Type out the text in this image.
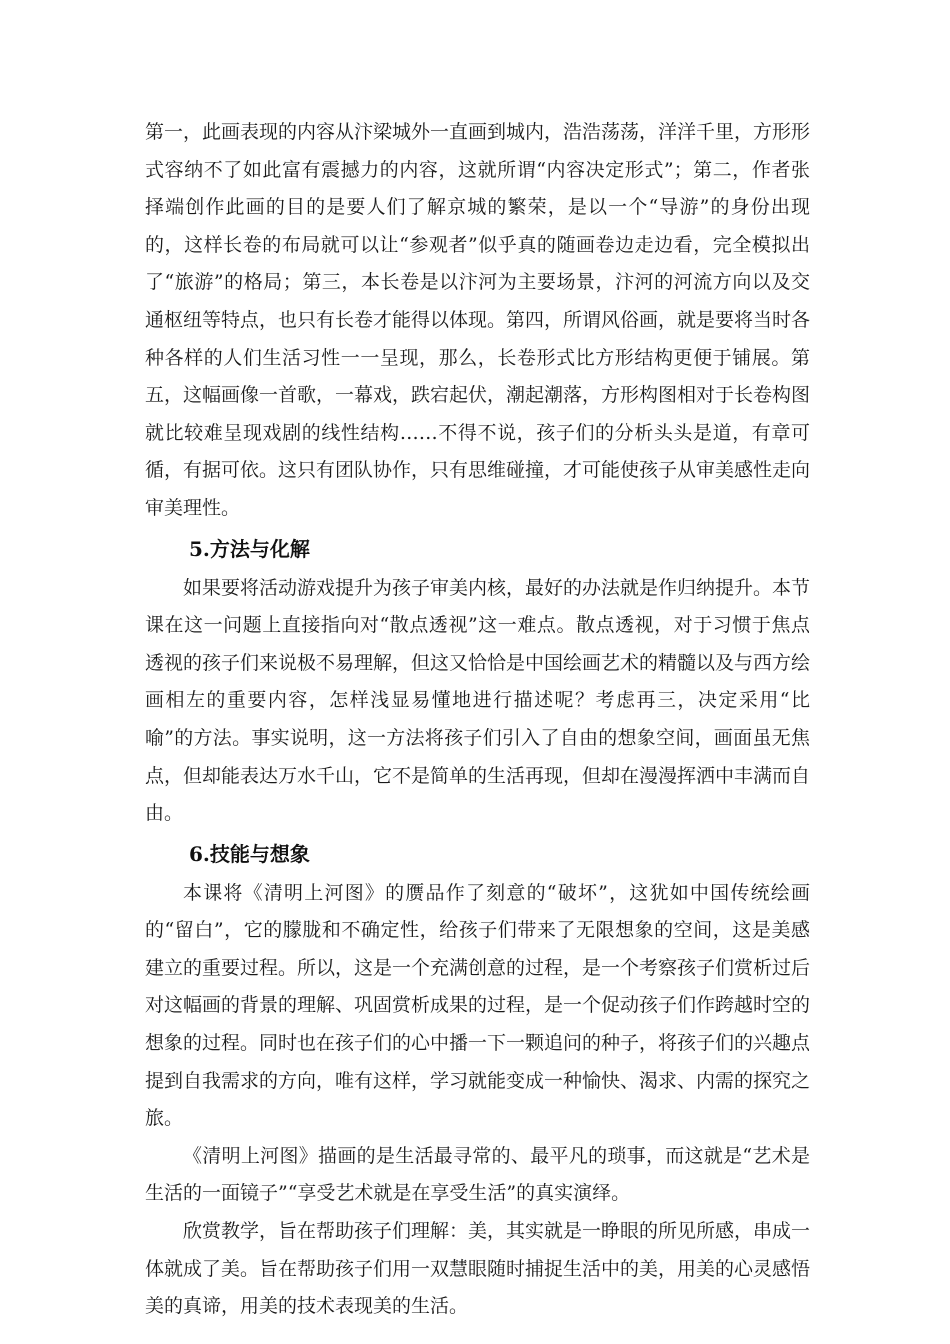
第一，此画表现的内容从汴梁城外一直画到城内，浩浩荡荡，洋洋千里，方形形式容纳不了如此富有震撼力的内容，这就所谓“内容决定形式”；第二，作者张择端创作此画的目的是要人们了解京城的繁荣，是以一个“导游”的身份出现的，这样长卷的布局就可以让“参观者”似乎真的随画卷边走边看，完全模拟出了“旅游”的格局；第三，本长卷是以汴河为主要场景，汴河的河流方向以及交通枢纽等特点，也只有长卷才能得以体现。第四，所谓风俗画，就是要将当时各种各样的人们生活习性一一呈现，那么，长卷形式比方形结构更便于铺展。第五，这幅画像一首歌，一幕戏，跌宕起伏，潮起潮落，方形构图相对于长卷构图就比较难呈现戏剧的线性结构……不得不说，孩子们的分析头头是道，有章可循，有据可依。这只有团队协作，只有思维碰撞，才可能使孩子从审美感性走向审美理性。

5.方法与化解

如果要将活动游戏提升为孩子审美内核，最好的办法就是作归纳提升。本节课在这一问题上直接指向对“散点透视”这一难点。散点透视，对于习惯于焦点透视的孩子们来说极不易理解，但这又恰恰是中国绘画艺术的精髓以及与西方绘画相左的重要内容，怎样浅显易懂地进行描述呢？考虑再三，决定采用“比喻”的方法。事实说明，这一方法将孩子们引入了自由的想象空间，画面虽无焦点，但却能表达万水千山，它不是简单的生活再现，但却在漫漫挥洒中丰满而自由。

6.技能与想象

本课将《清明上河图》的赝品作了刻意的“破坏”，这犹如中国传统绘画的“留白”，它的朦胧和不确定性，给孩子们带来了无限想象的空间，这是美感建立的重要过程。所以，这是一个充满创意的过程，是一个考察孩子们赏析过后对这幅画的背景的理解、巩固赏析成果的过程，是一个促动孩子们作跨越时空的想象的过程。同时也在孩子们的心中播一下一颗追问的种子，将孩子们的兴趣点提到自我需求的方向，唯有这样，学习就能变成一种愉快、渴求、内需的探究之旅。

《清明上河图》描画的是生活最寻常的、最平凡的琐事，而这就是“艺术是生活的一面镜子”“享受艺术就是在享受生活”的真实演绎。

欣赏教学，旨在帮助孩子们理解：美，其实就是一睁眼的所见所感，串成一体就成了美。旨在帮助孩子们用一双慧眼随时捕捉生活中的美，用美的心灵感悟美的真谛，用美的技术表现美的生活。
